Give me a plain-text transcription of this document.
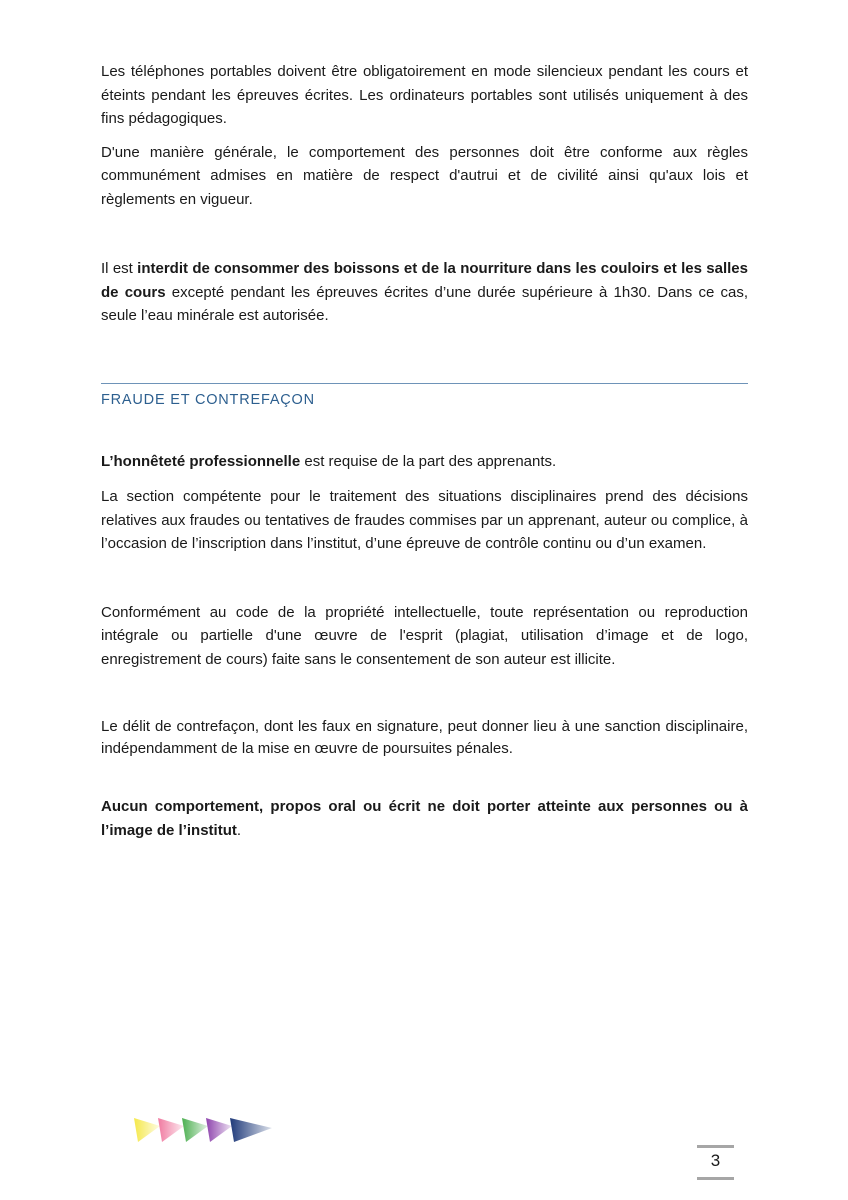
Les téléphones portables doivent être obligatoirement en mode silencieux pendant les cours et éteints pendant les épreuves écrites. Les ordinateurs portables sont utilisés uniquement à des fins pédagogiques.

D'une manière générale, le comportement des personnes doit être conforme aux règles communément admises en matière de respect d'autrui et de civilité ainsi qu'aux lois et règlements en vigueur.

Il est interdit de consommer des boissons et de la nourriture dans les couloirs et les salles de cours excepté pendant les épreuves écrites d’une durée supérieure à 1h30. Dans ce cas, seule l’eau minérale est autorisée.

FRAUDE ET CONTREFAÇON

L’honnêteté professionnelle est requise de la part des apprenants.

La section compétente pour le traitement des situations disciplinaires prend des décisions relatives aux fraudes ou tentatives de fraudes commises par un apprenant, auteur ou complice, à l’occasion de l’inscription dans l’institut, d’une épreuve de contrôle continu ou d’un examen.

Conformément au code de la propriété intellectuelle, toute représentation ou reproduction intégrale ou partielle d'une œuvre de l'esprit (plagiat, utilisation d’image et de logo, enregistrement de cours) faite sans le consentement de son auteur est illicite.

Le délit de contrefaçon, dont les faux en signature, peut donner lieu à une sanction disciplinaire, indépendamment de la mise en œuvre de poursuites pénales.

Aucun comportement, propos oral ou écrit ne doit porter atteinte aux personnes ou à l’image de l’institut.

3
